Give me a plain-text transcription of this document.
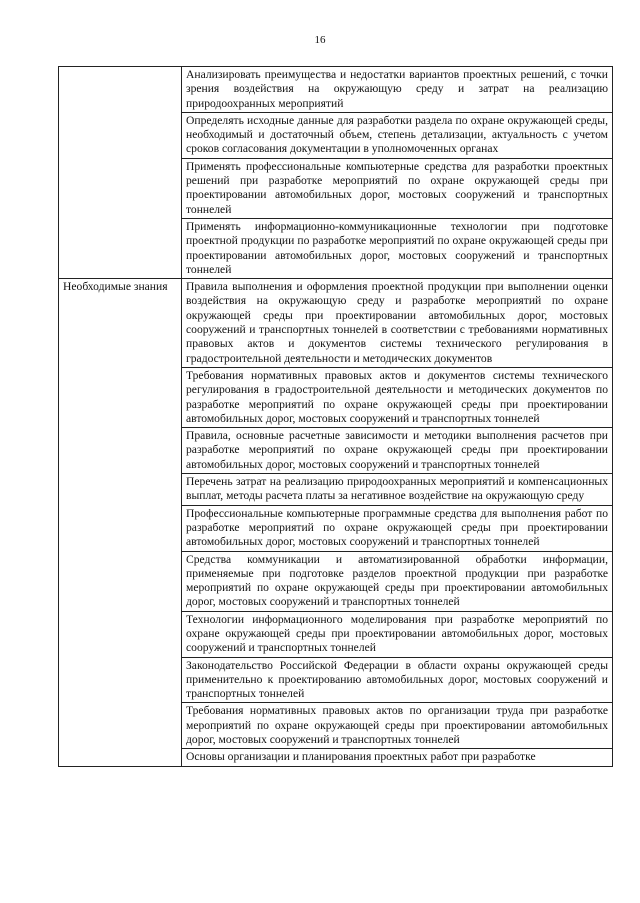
16
	Анализировать преимущества и недостатки вариантов проектных решений, с точки зрения воздействия на окружающую среду и затрат на реализацию природоохранных мероприятий
	Определять исходные данные для разработки раздела по охране окружающей среды, необходимый и достаточный объем, степень детализации, актуальность с учетом сроков согласования документации в уполномоченных органах
	Применять профессиональные компьютерные средства для разработки проектных решений при разработке мероприятий по охране окружающей среды при проектировании автомобильных дорог, мостовых сооружений и транспортных тоннелей
	Применять информационно-коммуникационные технологии при подготовке проектной продукции по разработке мероприятий по охране окружающей среды при проектировании автомобильных дорог, мостовых сооружений и транспортных тоннелей
Необходимые знания	Правила выполнения и оформления проектной продукции при выполнении оценки воздействия на окружающую среду и разработке мероприятий по охране окружающей среды при проектировании автомобильных дорог, мостовых сооружений и транспортных тоннелей в соответствии с требованиями нормативных правовых актов и документов системы технического регулирования в градостроительной деятельности и методических документов
	Требования нормативных правовых актов и документов системы технического регулирования в градостроительной деятельности и методических документов по разработке мероприятий по охране окружающей среды при проектировании автомобильных дорог, мостовых сооружений и транспортных тоннелей
	Правила, основные расчетные зависимости и методики выполнения расчетов при разработке мероприятий по охране окружающей среды при проектировании автомобильных дорог, мостовых сооружений и транспортных тоннелей
	Перечень затрат на реализацию природоохранных мероприятий и компенсационных выплат, методы расчета платы за негативное воздействие на окружающую среду
	Профессиональные компьютерные программные средства для выполнения работ по разработке мероприятий по охране окружающей среды при проектировании автомобильных дорог, мостовых сооружений и транспортных тоннелей
	Средства коммуникации и автоматизированной обработки информации, применяемые при подготовке разделов проектной продукции при разработке мероприятий по охране окружающей среды при проектировании автомобильных дорог, мостовых сооружений и транспортных тоннелей
	Технологии информационного моделирования при разработке мероприятий по охране окружающей среды при проектировании автомобильных дорог, мостовых сооружений и транспортных тоннелей
	Законодательство Российской Федерации в области охраны окружающей среды применительно к проектированию автомобильных дорог, мостовых сооружений и транспортных тоннелей
	Требования нормативных правовых актов по организации труда при разработке мероприятий по охране окружающей среды при проектировании автомобильных дорог, мостовых сооружений и транспортных тоннелей
	Основы организации и планирования проектных работ при разработке
